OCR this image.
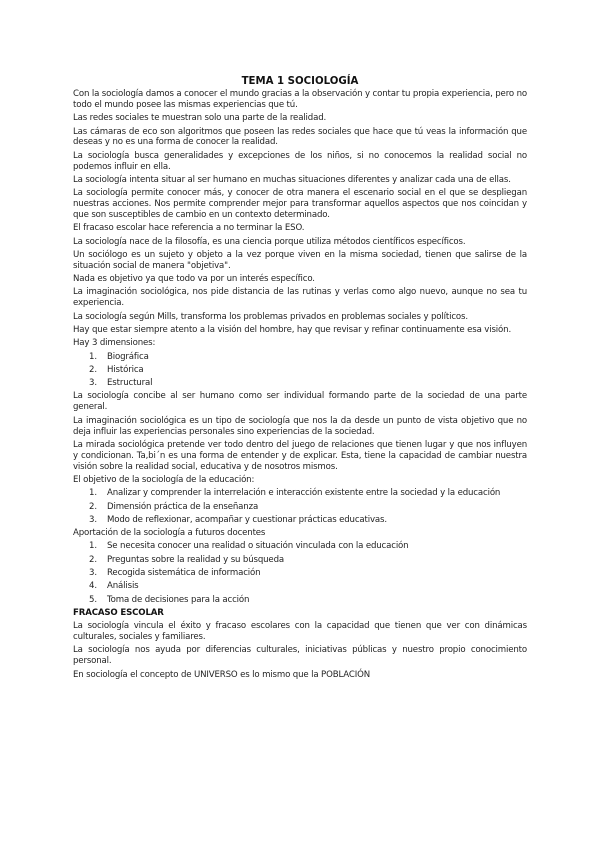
TEMA 1 SOCIOLOGÍA
Con la sociología damos a conocer el mundo gracias a la observación y contar tu propia experiencia, pero no todo el mundo posee las mismas experiencias que tú.
Las redes sociales te muestran solo una parte de la realidad.
Las cámaras de eco son algoritmos que poseen las redes sociales que hace que tú veas la información que deseas y no es una forma de conocer la realidad.
La sociología busca generalidades y excepciones de los niños, si no conocemos la realidad social no podemos influir en ella.
La sociología intenta situar al ser humano en muchas situaciones diferentes y analizar cada una de ellas.
La sociología permite conocer más, y conocer de otra manera el escenario social en el que se despliegan nuestras acciones. Nos permite comprender mejor para transformar aquellos aspectos que nos coincidan y que son susceptibles de cambio en un contexto determinado.
El fracaso escolar hace referencia a no terminar la ESO.
La sociología nace de la filosofía, es una ciencia porque utiliza métodos científicos específicos.
Un sociólogo es un sujeto y objeto a la vez porque viven en la misma sociedad, tienen que salirse de la situación social de manera "objetiva".
Nada es objetivo ya que todo va por un interés específico.
La imaginación sociológica, nos pide distancia de las rutinas y verlas como algo nuevo, aunque no sea tu experiencia.
La sociología según Mills, transforma los problemas privados en problemas sociales y políticos.
Hay que estar siempre atento a la visión del hombre, hay que revisar y refinar continuamente esa visión.
Hay 3 dimensiones:
1. Biográfica
2. Histórica
3. Estructural
La sociología concibe al ser humano como ser individual formando parte de la sociedad de una parte general.
La imaginación sociológica es un tipo de sociología que nos la da desde un punto de vista objetivo que no deja influir las experiencias personales sino experiencias de la sociedad.
La mirada sociológica pretende ver todo dentro del juego de relaciones que tienen lugar y que nos influyen y condicionan. Ta,bi´n es una forma de entender y de explicar. Esta, tiene la capacidad de cambiar nuestra visión sobre la realidad social, educativa y de nosotros mismos.
El objetivo de la sociología de la educación:
1. Analizar y comprender la interrelación e interacción existente entre la sociedad y la educación
2. Dimensión práctica de la enseñanza
3. Modo de reflexionar, acompañar y cuestionar prácticas educativas.
Aportación de la sociología a futuros docentes
1. Se necesita conocer una realidad o situación vinculada con la educación
2. Preguntas sobre la realidad y su búsqueda
3. Recogida sistemática de información
4. Análisis
5. Toma de decisiones para la acción
FRACASO ESCOLAR
La sociología vincula el éxito y fracaso escolares con la capacidad que tienen que ver con dinámicas culturales, sociales y familiares.
La sociología nos ayuda por diferencias culturales, iniciativas públicas y nuestro propio conocimiento personal.
En sociología el concepto de UNIVERSO es lo mismo que la POBLACIÓN
